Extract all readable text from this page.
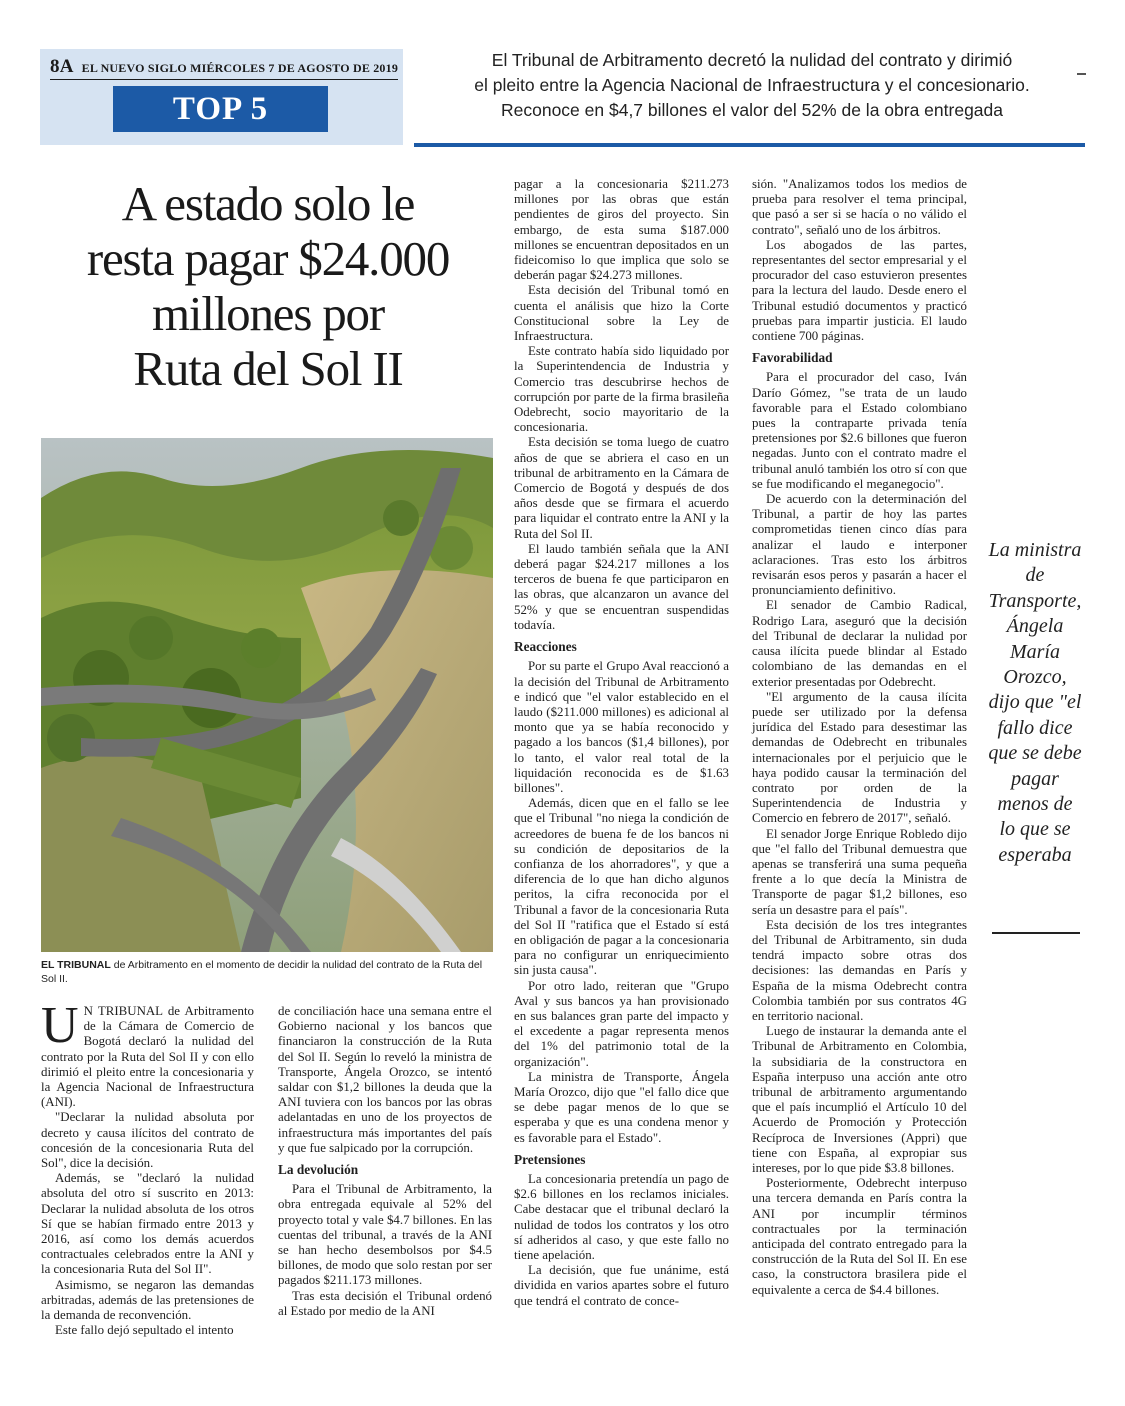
8A EL NUEVO SIGLO MIÉRCOLES 7 DE AGOSTO DE 2019
TOP 5
El Tribunal de Arbitramento decretó la nulidad del contrato y dirimió
el pleito entre la Agencia Nacional de Infraestructura y el concesionario.
Reconoce en $4,7 billones el valor del 52% de la obra entregada
A estado solo le
resta pagar $24.000
millones por
Ruta del Sol II
EL TRIBUNAL de Arbitramento en el momento de decidir la nulidad del contrato de la Ruta del Sol II.

U N TRIBUNAL de Arbitramento de la Cámara de Comercio de Bogotá declaró la nulidad del contrato por la Ruta del Sol II y con ello dirimió el pleito entre la concesionaria y la Agencia Nacional de Infraestructura (ANI).

"Declarar la nulidad absoluta por decreto y causa ilícitos del contrato de concesión de la concesionaria Ruta del Sol", dice la decisión.

Además, se "declaró la nulidad absoluta del otro sí suscrito en 2013: Declarar la nulidad absoluta de los otros Sí que se habían firmado entre 2013 y 2016, así como los demás acuerdos contractuales celebrados entre la ANI y la concesionaria Ruta del Sol II".

Asimismo, se negaron las demandas arbitradas, además de las pretensiones de la demanda de reconvención.

Este fallo dejó sepultado el intento

de conciliación hace una semana entre el Gobierno nacional y los bancos que financiaron la construcción de la Ruta del Sol II. Según lo reveló la ministra de Transporte, Ángela Orozco, se intentó saldar con $1,2 billones la deuda que la ANI tuviera con los bancos por las obras adelantadas en uno de los proyectos de infraestructura más importantes del país y que fue salpicado por la corrupción.

La devolución

Para el Tribunal de Arbitramento, la obra entregada equivale al 52% del proyecto total y vale $4.7 billones. En las cuentas del tribunal, a través de la ANI se han hecho desembolsos por $4.5 billones, de modo que solo restan por ser pagados $211.173 millones.

Tras esta decisión el Tribunal ordenó al Estado por medio de la ANI

pagar a la concesionaria $211.273 millones por las obras que están pendientes de giros del proyecto. Sin embargo, de esta suma $187.000 millones se encuentran depositados en un fideicomiso lo que implica que solo se deberán pagar $24.273 millones.

Esta decisión del Tribunal tomó en cuenta el análisis que hizo la Corte Constitucional sobre la Ley de Infraestructura.

Este contrato había sido liquidado por la Superintendencia de Industria y Comercio tras descubrirse hechos de corrupción por parte de la firma brasileña Odebrecht, socio mayoritario de la concesionaria.

Esta decisión se toma luego de cuatro años de que se abriera el caso en un tribunal de arbitramento en la Cámara de Comercio de Bogotá y después de dos años desde que se firmara el acuerdo para liquidar el contrato entre la ANI y la Ruta del Sol II.

El laudo también señala que la ANI deberá pagar $24.217 millones a los terceros de buena fe que participaron en las obras, que alcanzaron un avance del 52% y que se encuentran suspendidas todavía.

Reacciones

Por su parte el Grupo Aval reaccionó a la decisión del Tribunal de Arbitramento e indicó que "el valor establecido en el laudo ($211.000 millones) es adicional al monto que ya se había reconocido y pagado a los bancos ($1,4 billones), por lo tanto, el valor real total de la liquidación reconocida es de $1.63 billones".

Además, dicen que en el fallo se lee que el Tribunal "no niega la condición de acreedores de buena fe de los bancos ni su condición de depositarios de la confianza de los ahorradores", y que a diferencia de lo que han dicho algunos peritos, la cifra reconocida por el Tribunal a favor de la concesionaria Ruta del Sol II "ratifica que el Estado sí está en obligación de pagar a la concesionaria para no configurar un enriquecimiento sin justa causa".

Por otro lado, reiteran que "Grupo Aval y sus bancos ya han provisionado en sus balances gran parte del impacto y el excedente a pagar representa menos del 1% del patrimonio total de la organización".

La ministra de Transporte, Ángela María Orozco, dijo que "el fallo dice que se debe pagar menos de lo que se esperaba y que es una condena menor y es favorable para el Estado".

Pretensiones

La concesionaria pretendía un pago de $2.6 billones en los reclamos iniciales. Cabe destacar que el tribunal declaró la nulidad de todos los contratos y los otro sí adheridos al caso, y que este fallo no tiene apelación.

La decisión, que fue unánime, está dividida en varios apartes sobre el futuro que tendrá el contrato de conce-

sión. "Analizamos todos los medios de prueba para resolver el tema principal, que pasó a ser si se hacía o no válido el contrato", señaló uno de los árbitros.

Los abogados de las partes, representantes del sector empresarial y el procurador del caso estuvieron presentes para la lectura del laudo. Desde enero el Tribunal estudió documentos y practicó pruebas para impartir justicia. El laudo contiene 700 páginas.

Favorabilidad

Para el procurador del caso, Iván Darío Gómez, "se trata de un laudo favorable para el Estado colombiano pues la contraparte privada tenía pretensiones por $2.6 billones que fueron negadas. Junto con el contrato madre el tribunal anuló también los otro sí con que se fue modificando el meganegocio".

De acuerdo con la determinación del Tribunal, a partir de hoy las partes comprometidas tienen cinco días para analizar el laudo e interponer aclaraciones. Tras esto los árbitros revisarán esos peros y pasarán a hacer el pronunciamiento definitivo.

El senador de Cambio Radical, Rodrigo Lara, aseguró que la decisión del Tribunal de declarar la nulidad por causa ilícita puede blindar al Estado colombiano de las demandas en el exterior presentadas por Odebrecht.

"El argumento de la causa ilícita puede ser utilizado por la defensa jurídica del Estado para desestimar las demandas de Odebrecht en tribunales internacionales por el perjuicio que le haya podido causar la terminación del contrato por orden de la Superintendencia de Industria y Comercio en febrero de 2017", señaló.

El senador Jorge Enrique Robledo dijo que "el fallo del Tribunal demuestra que apenas se transferirá una suma pequeña frente a lo que decía la Ministra de Transporte de pagar $1,2 billones, eso sería un desastre para el país".

Esta decisión de los tres integrantes del Tribunal de Arbitramento, sin duda tendrá impacto sobre otras dos decisiones: las demandas en París y España de la misma Odebrecht contra Colombia también por sus contratos 4G en territorio nacional.

Luego de instaurar la demanda ante el Tribunal de Arbitramento en Colombia, la subsidiaria de la constructora en España interpuso una acción ante otro tribunal de arbitramento argumentando que el país incumplió el Artículo 10 del Acuerdo de Promoción y Protección Recíproca de Inversiones (Appri) que tiene con España, al expropiar sus intereses, por lo que pide $3.8 billones.

Posteriormente, Odebrecht interpuso una tercera demanda en París contra la ANI por incumplir términos contractuales por la terminación anticipada del contrato entregado para la construcción de la Ruta del Sol II. En ese caso, la constructora brasilera pide el equivalente a cerca de $4.4 billones.

La ministra de Transporte, Ángela María Orozco, dijo que "el fallo dice que se debe pagar menos de lo que se esperaba
